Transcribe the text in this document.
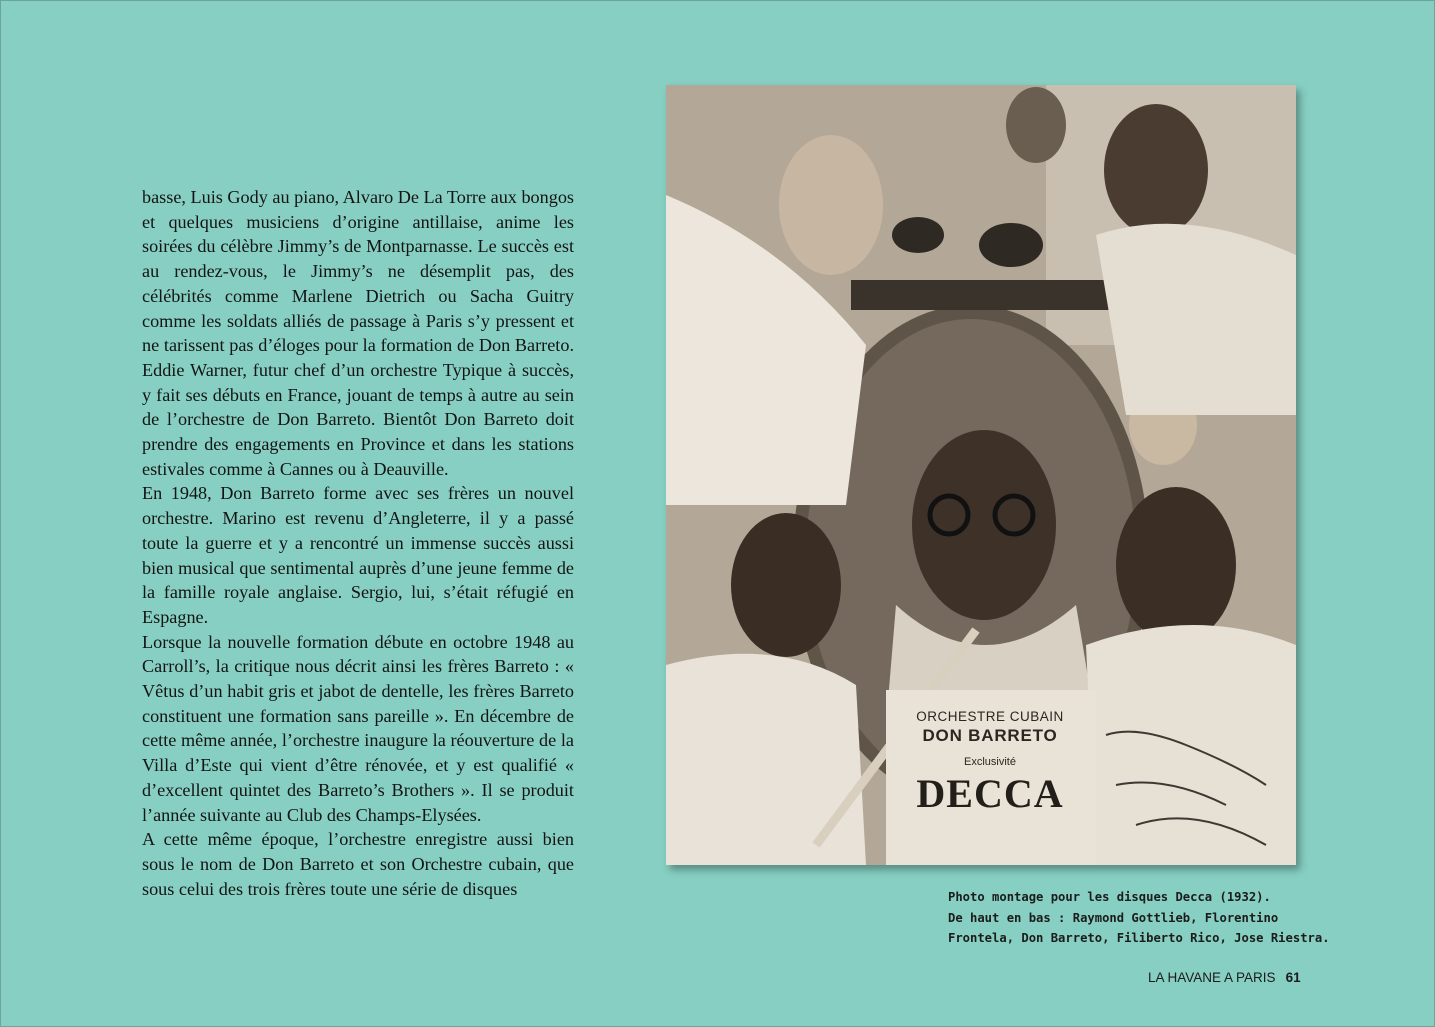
basse, Luis Gody au piano, Alvaro De La Torre aux bongos et quelques musiciens d’origine antillaise, anime les soirées du célèbre Jimmy’s de Montparnasse. Le succès est au rendez-vous, le Jimmy’s ne désemplit pas, des célébrités comme Marlene Dietrich ou Sacha Guitry comme les soldats alliés de passage à Paris s’y pressent et ne tarissent pas d’éloges pour la formation de Don Barreto. Eddie Warner, futur chef d’un orchestre Typique à succès, y fait ses débuts en France, jouant de temps à autre au sein de l’orchestre de Don Barreto. Bientôt Don Barreto doit prendre des engagements en Province et dans les stations estivales comme à Cannes ou à Deauville.

En 1948, Don Barreto forme avec ses frères un nouvel orchestre. Marino est revenu d’Angleterre, il y a passé toute la guerre et y a rencontré un immense succès aussi bien musical que sentimental auprès d’une jeune femme de la famille royale anglaise. Sergio, lui, s’était réfugié en Espagne.

Lorsque la nouvelle formation débute en octobre 1948 au Carroll’s, la critique nous décrit ainsi les frères Barreto : « Vêtus d’un habit gris et jabot de dentelle, les frères Barreto constituent une formation sans pareille ». En décembre de cette même année, l’orchestre inaugure la réouverture de la Villa d’Este qui vient d’être rénovée, et y est qualifié « d’excellent quintet des Barreto’s Brothers ». Il se produit l’année suivante au Club des Champs-Elysées.

A cette même époque, l’orchestre enregistre aussi bien sous le nom de Don Barreto et son Orchestre cubain, que sous celui des trois frères toute une série de disques

ORCHESTRE CUBAIN
DON BARRETO
Exclusivité
DECCA
Photo montage pour les disques Decca (1932).
De haut en bas : Raymond Gottlieb, Florentino
Frontela, Don Barreto, Filiberto Rico, Jose Riestra.
LA HAVANE A PARIS 61
